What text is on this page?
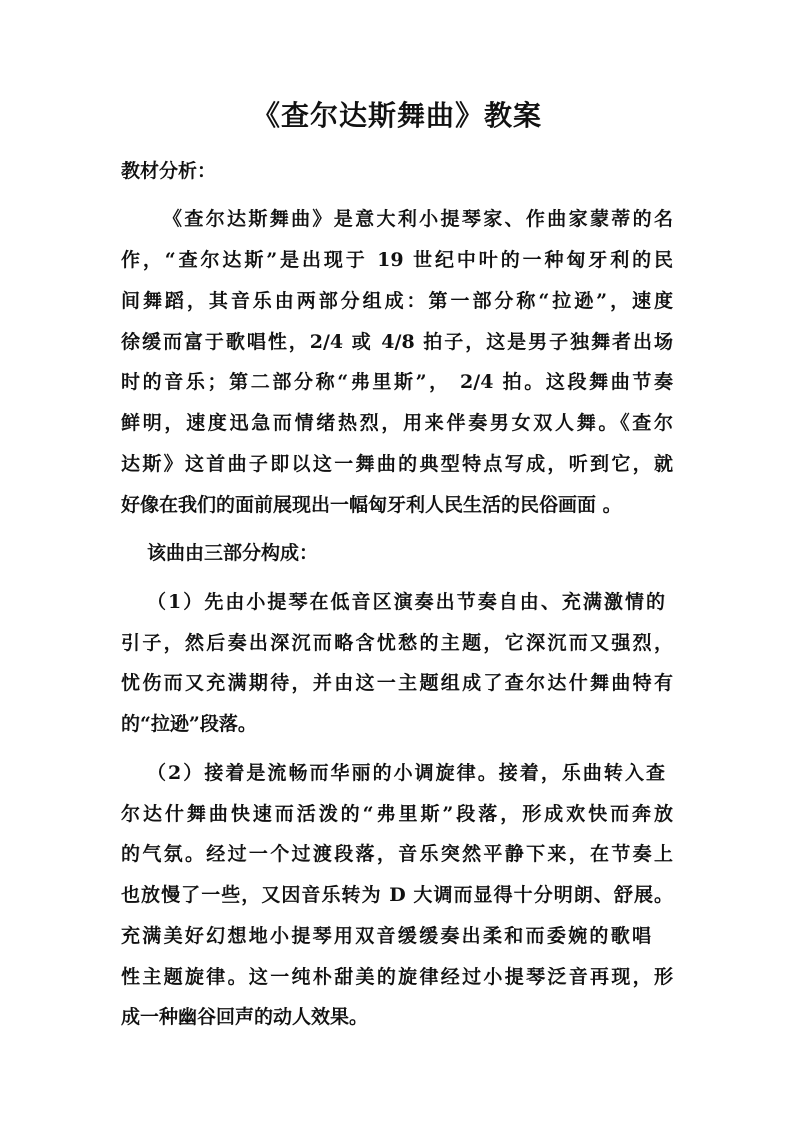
《查尔达斯舞曲》教案
教材分析：
《查尔达斯舞曲》是意大利小提琴家、作曲家蒙蒂的名
作，“查尔达斯”是出现于 19 世纪中叶的一种匈牙利的民
间舞蹈，其音乐由两部分组成：第一部分称“拉逊”，速度
徐缓而富于歌唱性，2/4 或 4/8 拍子，这是男子独舞者出场
时的音乐；第二部分称“弗里斯”， 2/4 拍。这段舞曲节奏
鲜明，速度迅急而情绪热烈，用来伴奏男女双人舞。《查尔
达斯》这首曲子即以这一舞曲的典型特点写成，听到它，就
好像在我们的面前展现出一幅匈牙利人民生活的民俗画面 。
该曲由三部分构成：
（1）先由小提琴在低音区演奏出节奏自由、充满激情的
引子，然后奏出深沉而略含忧愁的主题，它深沉而又强烈，
忧伤而又充满期待，并由这一主题组成了查尔达什舞曲特有
的“拉逊”段落。
（2）接着是流畅而华丽的小调旋律。接着，乐曲转入查
尔达什舞曲快速而活泼的“弗里斯”段落，形成欢快而奔放
的气氛。经过一个过渡段落，音乐突然平静下来，在节奏上
也放慢了一些，又因音乐转为 D 大调而显得十分明朗、舒展。
充满美好幻想地小提琴用双音缓缓奏出柔和而委婉的歌唱
性主题旋律。这一纯朴甜美的旋律经过小提琴泛音再现，形
成一种幽谷回声的动人效果。
